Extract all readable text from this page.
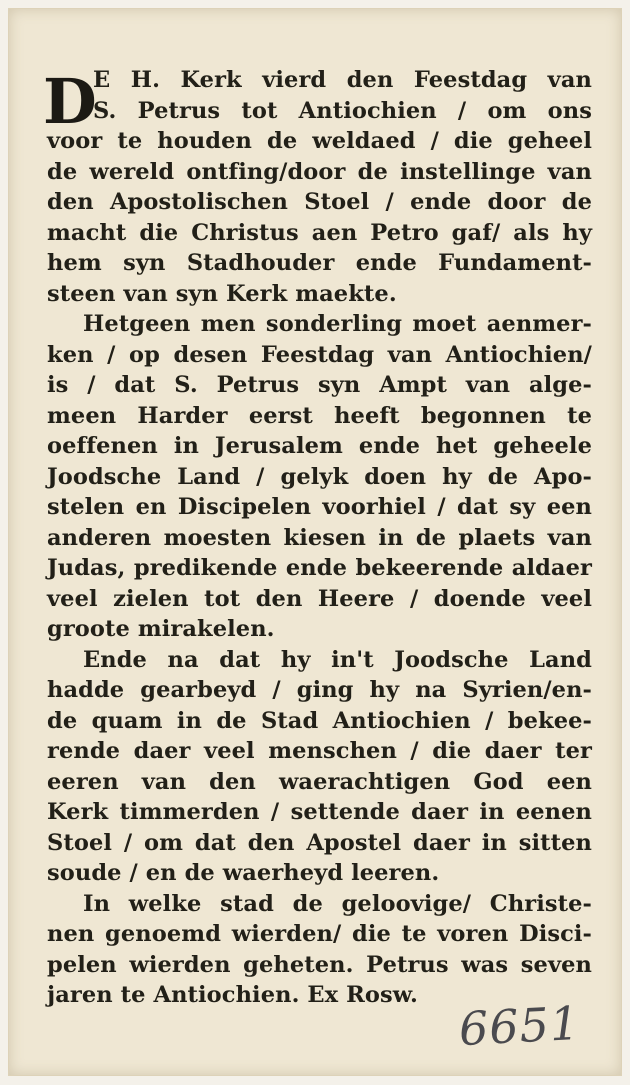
D
E H. Kerk vierd den Feestdag van
S. Petrus tot Antiochien / om ons
voor te houden de weldaed / die geheel
de wereld ontfing/door de instellinge van
den Apostolischen Stoel / ende door de
macht die Christus aen Petro gaf/ als hy
hem syn Stadhouder ende Fundament-
steen van syn Kerk maekte.
Hetgeen men sonderling moet aenmer-
ken / op desen Feestdag van Antiochien/
is / dat S. Petrus syn Ampt van alge-
meen Harder eerst heeft begonnen te
oeffenen in Jerusalem ende het geheele
Joodsche Land / gelyk doen hy de Apo-
stelen en Discipelen voorhiel / dat sy een
anderen moesten kiesen in de plaets van
Judas, predikende ende bekeerende aldaer
veel zielen tot den Heere / doende veel
groote mirakelen.
Ende na dat hy in't Joodsche Land
hadde gearbeyd / ging hy na Syrien/en-
de quam in de Stad Antiochien / bekee-
rende daer veel menschen / die daer ter
eeren van den waerachtigen God een
Kerk timmerden / settende daer in eenen
Stoel / om dat den Apostel daer in sitten
soude / en de waerheyd leeren.
In welke stad de geloovige/ Christe-
nen genoemd wierden/ die te voren Disci-
pelen wierden geheten. Petrus was seven
jaren te Antiochien. Ex Rosw.
6651
